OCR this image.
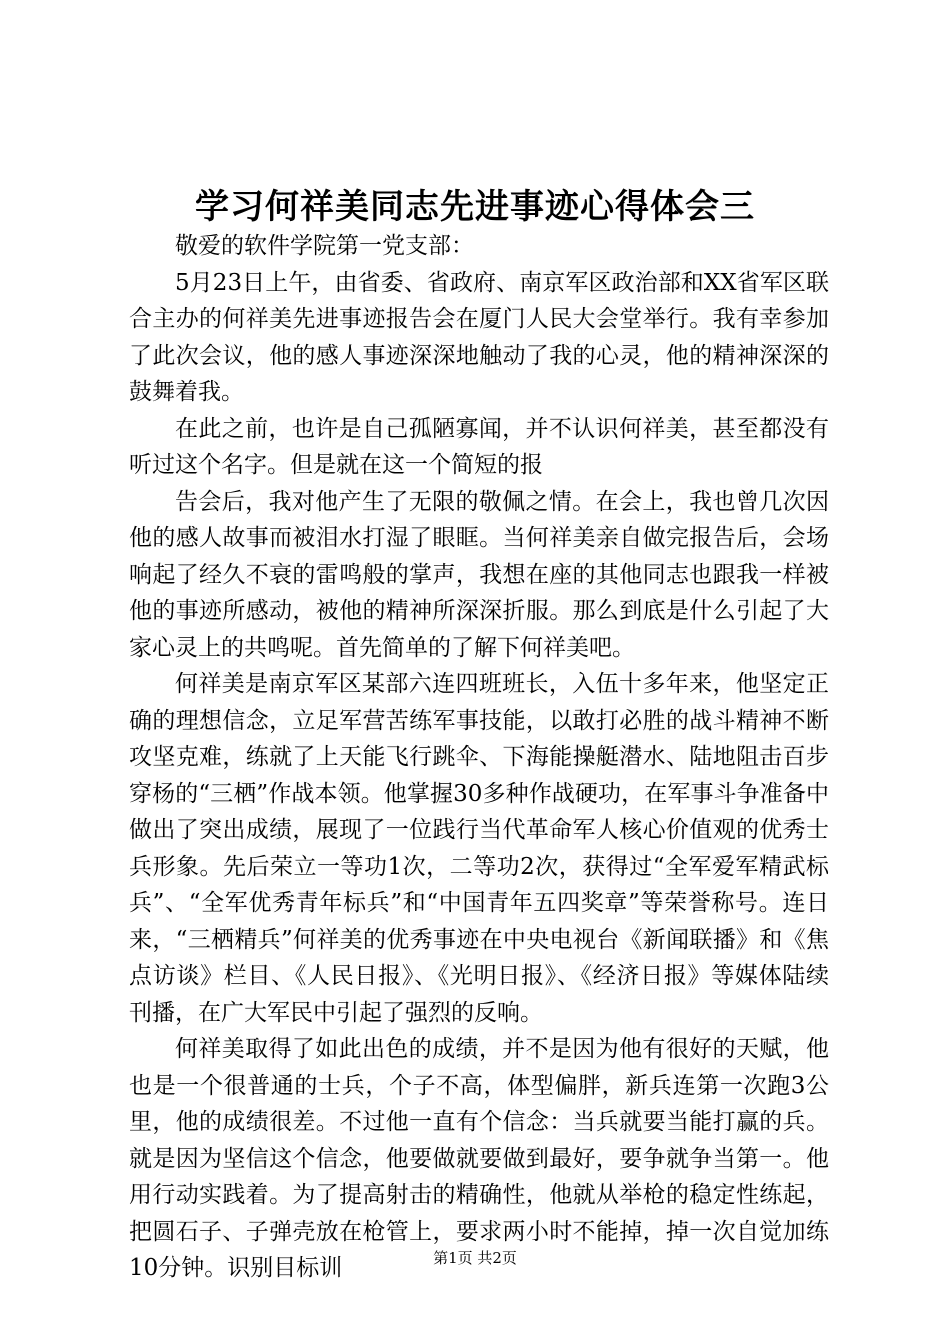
学习何祥美同志先进事迹心得体会三

敬爱的软件学院第一党支部：

5月23日上午，由省委、省政府、南京军区政治部和XX省军区联合主办的何祥美先进事迹报告会在厦门人民大会堂举行。我有幸参加了此次会议，他的感人事迹深深地触动了我的心灵，他的精神深深的鼓舞着我。

在此之前，也许是自己孤陋寡闻，并不认识何祥美，甚至都没有听过这个名字。但是就在这一个简短的报

告会后，我对他产生了无限的敬佩之情。在会上，我也曾几次因他的感人故事而被泪水打湿了眼眶。当何祥美亲自做完报告后，会场响起了经久不衰的雷鸣般的掌声，我想在座的其他同志也跟我一样被他的事迹所感动，被他的精神所深深折服。那么到底是什么引起了大家心灵上的共鸣呢。首先简单的了解下何祥美吧。

何祥美是南京军区某部六连四班班长，入伍十多年来，他坚定正确的理想信念，立足军营苦练军事技能，以敢打必胜的战斗精神不断攻坚克难，练就了上天能飞行跳伞、下海能操艇潜水、陆地阻击百步穿杨的“三栖”作战本领。他掌握30多种作战硬功，在军事斗争准备中做出了突出成绩，展现了一位践行当代革命军人核心价值观的优秀士兵形象。先后荣立一等功1次，二等功2次，获得过“全军爱军精武标兵”、“全军优秀青年标兵”和“中国青年五四奖章”等荣誉称号。连日来，“三栖精兵”何祥美的优秀事迹在中央电视台《新闻联播》和《焦点访谈》栏目、《人民日报》、《光明日报》、《经济日报》等媒体陆续刊播，在广大军民中引起了强烈的反响。

何祥美取得了如此出色的成绩，并不是因为他有很好的天赋，他也是一个很普通的士兵，个子不高，体型偏胖，新兵连第一次跑3公里，他的成绩很差。不过他一直有个信念：当兵就要当能打赢的兵。就是因为坚信这个信念，他要做就要做到最好，要争就争当第一。他用行动实践着。为了提高射击的精确性，他就从举枪的稳定性练起，把圆石子、子弹壳放在枪管上，要求两小时不能掉，掉一次自觉加练10分钟。识别目标训	第1页 共2页
